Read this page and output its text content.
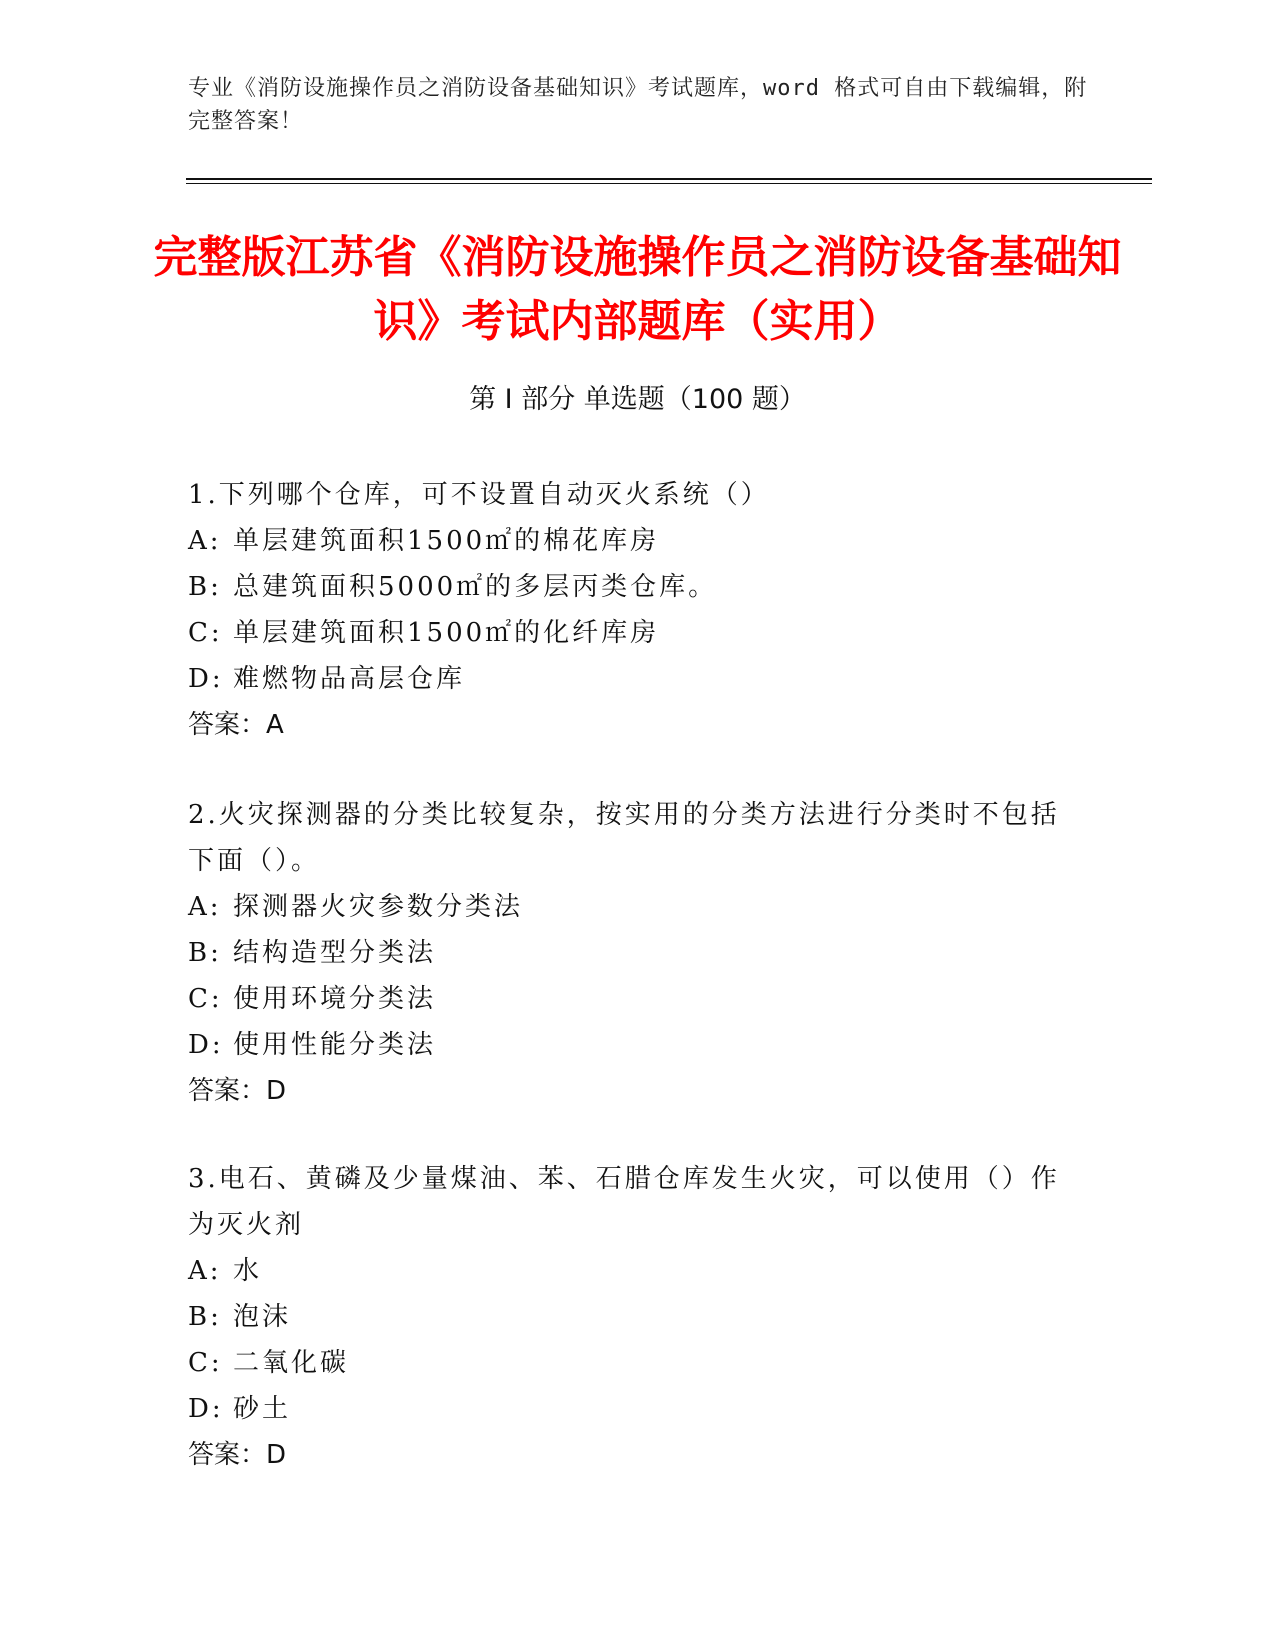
专业《消防设施操作员之消防设备基础知识》考试题库，word 格式可自由下载编辑，附完整答案！
完整版江苏省《消防设施操作员之消防设备基础知识》考试内部题库（实用）
第 I 部分 单选题（100 题）

1.下列哪个仓库，可不设置自动灭火系统（）

A: 单层建筑面积1500㎡的棉花库房

B: 总建筑面积5000㎡的多层丙类仓库。

C: 单层建筑面积1500㎡的化纤库房

D: 难燃物品高层仓库

答案：A

2.火灾探测器的分类比较复杂，按实用的分类方法进行分类时不包括下面（）。

A: 探测器火灾参数分类法

B: 结构造型分类法

C: 使用环境分类法

D: 使用性能分类法

答案：D

3.电石、黄磷及少量煤油、苯、石腊仓库发生火灾，可以使用（）作为灭火剂

A: 水

B: 泡沫

C: 二氧化碳

D: 砂土

答案：D
